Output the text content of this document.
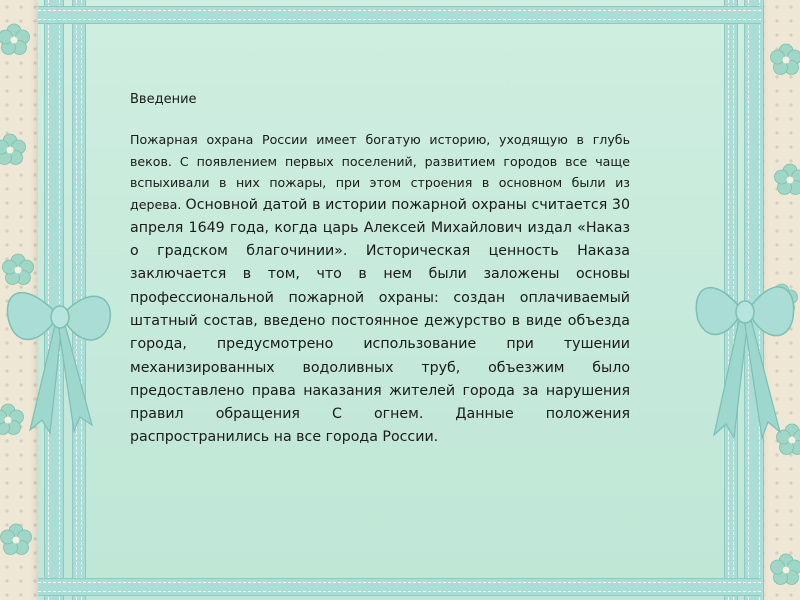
Введение

Пожарная охрана России имеет богатую историю, уходящую в глубь веков. С появлением первых поселений, развитием городов все чаще вспыхивали в них пожары, при этом строения в основном были из дерева. Основной датой в истории пожарной охраны считается 30 апреля 1649 года, когда царь Алексей Михайлович издал «Наказ о градском благочинии». Историческая ценность Наказа заключается в том, что в нем были заложены основы профессиональной пожарной охраны: создан оплачиваемый штатный состав, введено постоянное дежурство в виде объезда города, предусмотрено использование при тушении механизированных водоливных труб, объезжим было предоставлено права наказания жителей города за нарушения правил обращения С огнем. Данные положения распространились на все города России.
